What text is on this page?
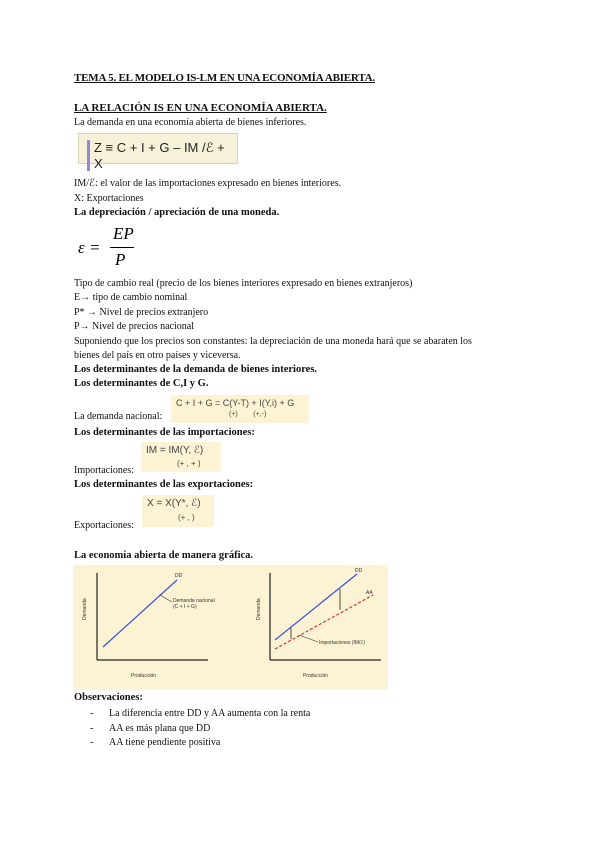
TEMA 5. EL MODELO IS-LM EN UNA ECONOMÍA ABIERTA.
LA RELACIÓN IS EN UNA ECONOMÍA ABIERTA.
La demanda en una economía abierta de bienes inferiores.
Z ≡ C + I + G – IM /ℰ + X
IM/ℰ: el valor de las importaciones expresado en bienes interiores.
X: Exportaciones
La depreciación / apreciación de una moneda.
ε =
EP
P
Tipo de cambio real (precio de los bienes interiores expresado en bienes extranjeros)
E→ tipo de cambio nominal
P* → Nivel de precios extranjero
P→ Nivel de precios nacional
Suponiendo que los precios son constantes: la depreciación de una moneda hará que se abaraten los
bienes del país en otro países y viceversa.
Los determinantes de la demanda de bienes interiores.
Los determinantes de C,I y G.
La demanda nacional:
C + I + G = C(Y-T) + I(Y,i) + G
(+)        (+,-)
Los determinantes de las importaciones:
Importaciones:
IM = IM(Y, ℰ)
(+ , + )
Los determinantes de las exportaciones:
Exportaciones:
X = X(Y*, ℰ)
(+ , )
La economía abierta de manera gráfica.
DD
Demanda nacional
(C + I + G)
Demanda
Producción
DD
AA
Importaciones (IM/ℰ)
Demanda
Producción
Observaciones:
- La diferencia entre DD y AA aumenta con la renta
- AA es más plana que DD
- AA tiene pendiente positiva
